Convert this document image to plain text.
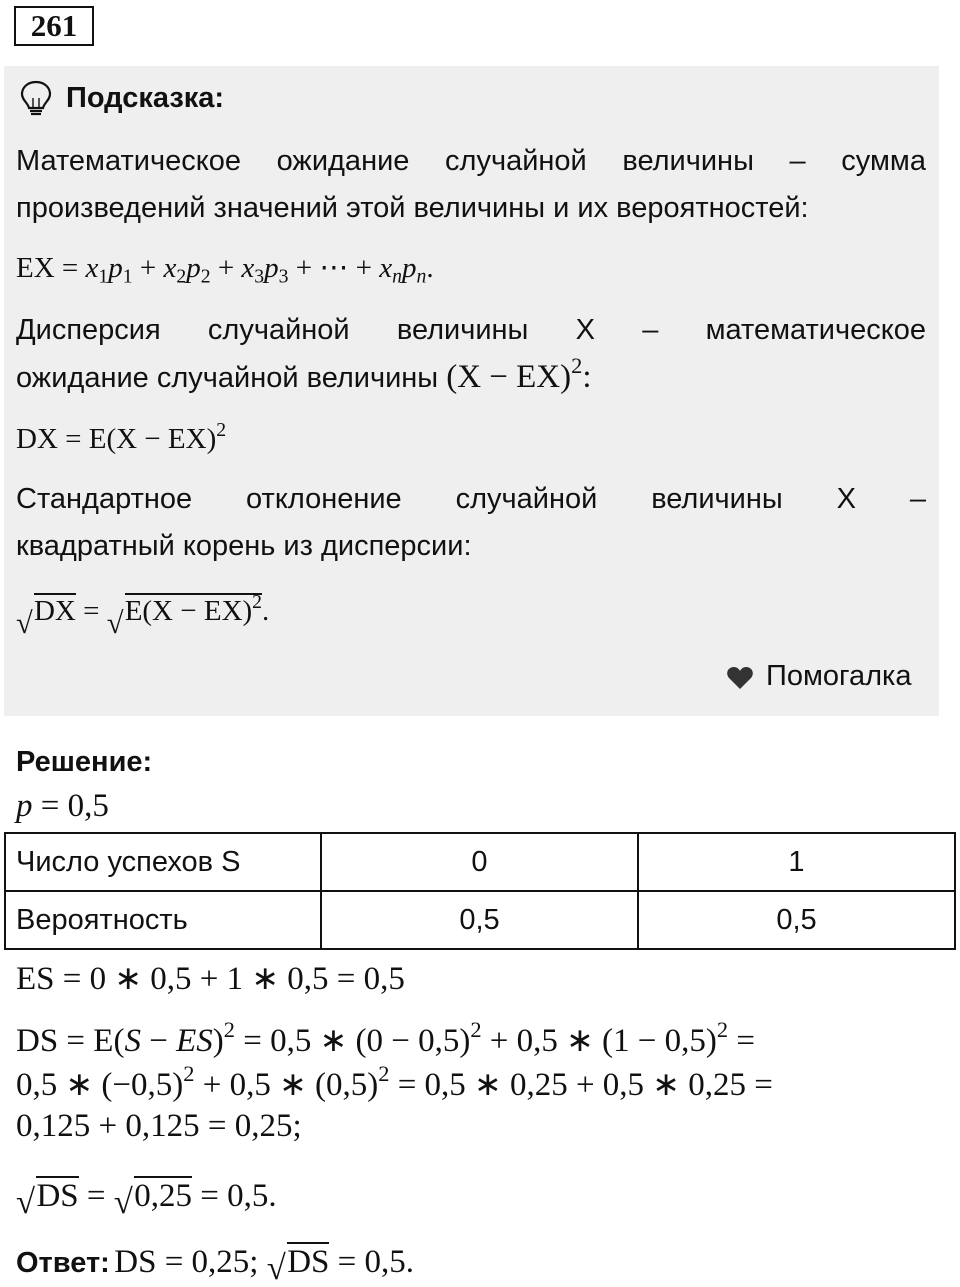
261
Подсказка:
Математическое ожидание случайной величины – сумма
произведений значений этой величины и их вероятностей:
EX = $x_1p_1 + x_2p_2 + x_3p_3$ + ⋯ + $x_np_n$.
Дисперсия случайной величины X – математическое
ожидание случайной величины (X − EX)$^2$:
DX = E(X − EX)$^2$
Стандартное отклонение случайной величины X –
квадратный корень из дисперсии:
√ DX = √ E(X − EX)$^2$.
Помогалка
Решение:
p = 0,5
Число успехов S	0	1
Вероятность	0,5	0,5
ES = 0 ∗ 0,5 + 1 ∗ 0,5 = 0,5
DS = E(S − ES)$^2$ = 0,5 ∗ $(0 - 0,5)^2 + 0,5$ ∗ $(1 - 0,5)^2$ =
0,5 ∗ $(-0,5)^2 + 0,5$ ∗ $(0,5)^2 = 0,5$ ∗ 0,25 + 0,5 ∗ 0,25 =
0,125 + 0,125 = 0,25;
√ DS = √ 0,25 = 0,5.
Ответ: DS = 0,25; √ DS = 0,5.
